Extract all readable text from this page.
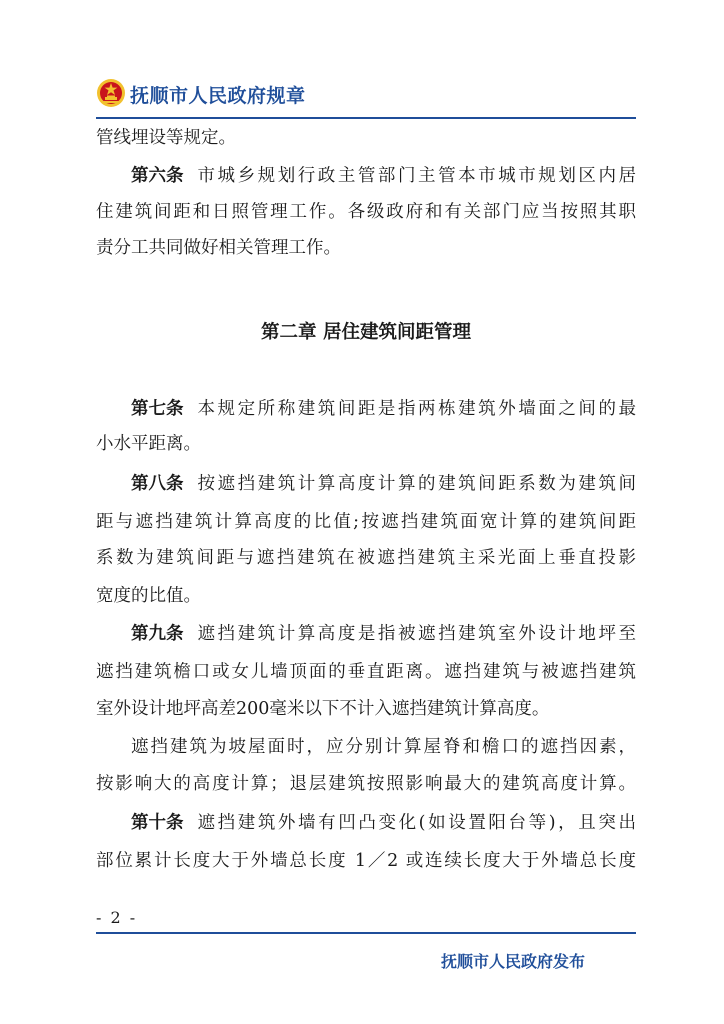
抚顺市人民政府规章
管线埋设等规定。
第六条 市城乡规划行政主管部门主管本市城市规划区内居
住建筑间距和日照管理工作。各级政府和有关部门应当按照其职
责分工共同做好相关管理工作。
第二章 居住建筑间距管理
第七条 本规定所称建筑间距是指两栋建筑外墙面之间的最
小水平距离。
第八条 按遮挡建筑计算高度计算的建筑间距系数为建筑间
距与遮挡建筑计算高度的比值;按遮挡建筑面宽计算的建筑间距
系数为建筑间距与遮挡建筑在被遮挡建筑主采光面上垂直投影
宽度的比值。
第九条 遮挡建筑计算高度是指被遮挡建筑室外设计地坪至
遮挡建筑檐口或女儿墙顶面的垂直距离。遮挡建筑与被遮挡建筑
室外设计地坪高差200毫米以下不计入遮挡建筑计算高度。
遮挡建筑为坡屋面时，应分别计算屋脊和檐口的遮挡因素，
按影响大的高度计算；退层建筑按照影响最大的建筑高度计算。
第十条 遮挡建筑外墙有凹凸变化(如设置阳台等)，且突出
部位累计长度大于外墙总长度 1／2 或连续长度大于外墙总长度
- 2 -
抚顺市人民政府发布
